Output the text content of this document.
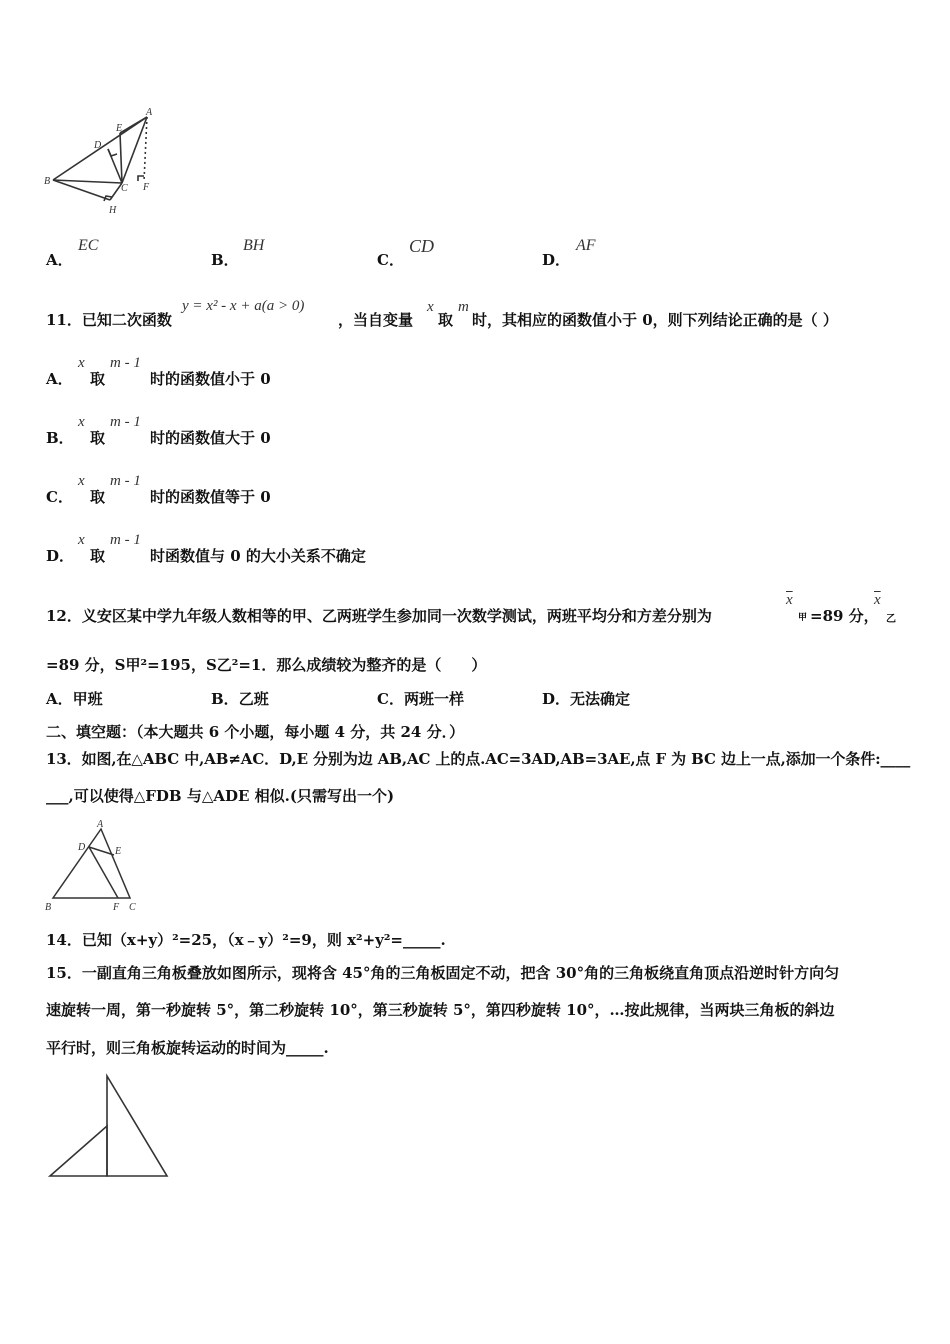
A
E
D
B
C F
H
A．
EC
B．
BH
C．
CD
D．
AF
11．已知二次函数
y = x² - x + a(a > 0)
，当自变量
x
取
m
时，其相应的函数值小于 0，则下列结论正确的是（ ）
A．
x
取
m - 1
时的函数值小于 0
B．
x
取
m - 1
时的函数值大于 0
C．
x
取
m - 1
时的函数值等于 0
D．
x
取
m - 1
时函数值与 0 的大小关系不确定
12．义安区某中学九年级人数相等的甲、乙两班学生参加同一次数学测试，两班平均分和方差分别为
$\overline{x}$
甲 =89 分，
$\overline{x}$
乙
=89 分，S甲²=195，S乙²=1．那么成绩较为整齐的是（　　）
A．甲班	B．乙班	C．两班一样	D．无法确定
二、填空题：（本大题共 6 个小题，每小题 4 分，共 24 分．）
13．如图,在△ABC 中,AB≠AC．D,E 分别为边 AB,AC 上的点.AC=3AD,AB=3AE,点 F 为 BC 边上一点,添加一个条件:____
___,可以使得△FDB 与△ADE 相似.(只需写出一个)
A
D	E
B	F C
14．已知（x+y）²=25，（x﹣y）²=9，则 x²+y²=_____.
15．一副直角三角板叠放如图所示，现将含 45°角的三角板固定不动，把含 30°角的三角板绕直角顶点沿逆时针方向匀
速旋转一周，第一秒旋转 5°，第二秒旋转 10°，第三秒旋转 5°，第四秒旋转 10°，…按此规律，当两块三角板的斜边
平行时，则三角板旋转运动的时间为_____.
